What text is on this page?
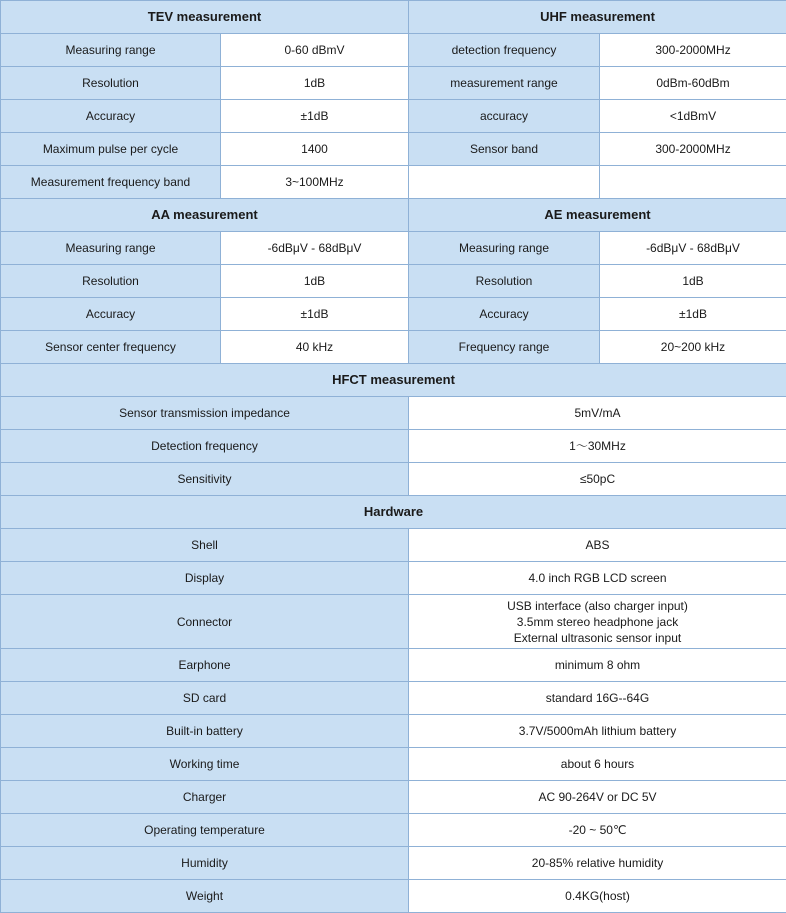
TEV measurement		UHF measurement	
Measuring range	0-60 dBmV	detection frequency	300-2000MHz
Resolution	1dB	measurement range	0dBm-60dBm
Accuracy	±1dB	accuracy	<1dBmV
Maximum pulse per cycle	1400	Sensor band	300-2000MHz
Measurement frequency band	3~100MHz		
AA measurement		AE measurement	
Measuring range	-6dBμV - 68dBμV	Measuring range	-6dBμV - 68dBμV
Resolution	1dB	Resolution	1dB
Accuracy	±1dB	Accuracy	±1dB
Sensor center frequency	40 kHz	Frequency range	20~200 kHz
HFCT measurement			
Sensor transmission impedance		5mV/mA	
Detection frequency		1～30MHz	
Sensitivity		≤50pC	
Hardware			
Shell		ABS	
Display		4.0 inch RGB LCD screen	
Connector		USB interface (also charger input)
3.5mm stereo headphone jack
External ultrasonic sensor input	

Earphone		minimum 8 ohm	
SD card		standard 16G--64G	
Built-in battery		3.7V/5000mAh lithium battery	
Working time		about 6 hours	
Charger		AC 90-264V or DC 5V	
Operating temperature		-20 ~ 50℃	
Humidity		20-85% relative humidity	
Weight		0.4KG(host)	
